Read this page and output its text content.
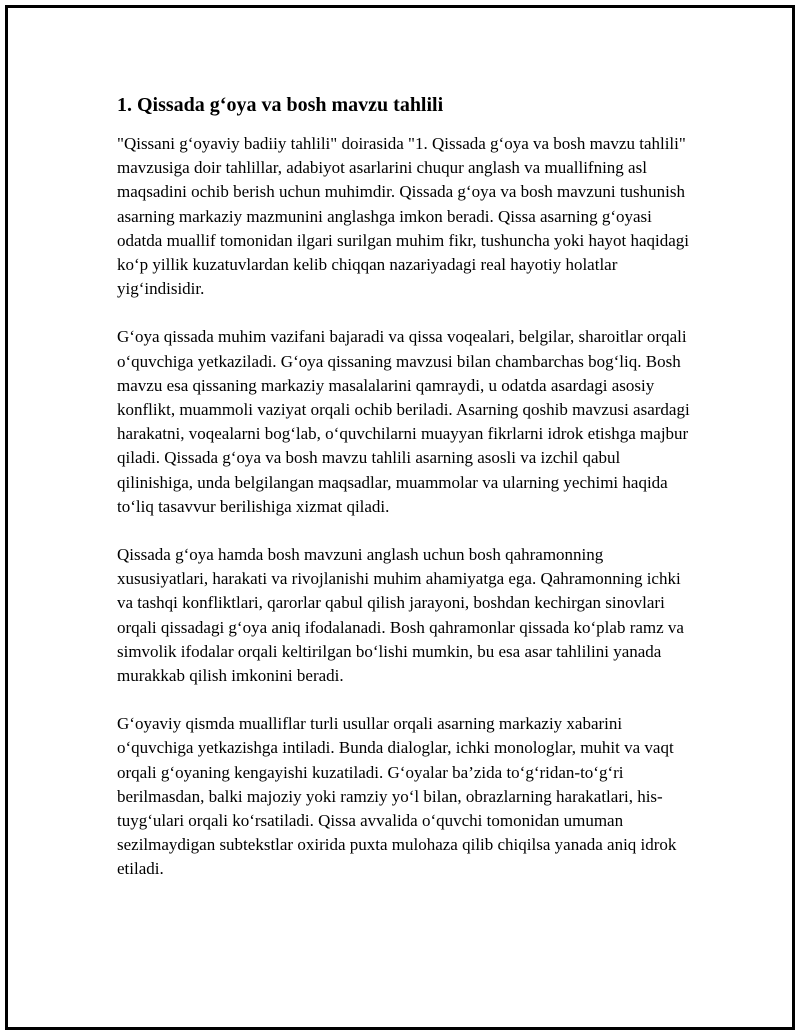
1. Qissada g‘oya va bosh mavzu tahlili

"Qissani g‘oyaviy badiiy tahlili" doirasida "1. Qissada g‘oya va bosh mavzu tahlili" mavzusiga doir tahlillar, adabiyot asarlarini chuqur anglash va muallifning asl maqsadini ochib berish uchun muhimdir. Qissada g‘oya va bosh mavzuni tushunish asarning markaziy mazmunini anglashga imkon beradi. Qissa asarning g‘oyasi odatda muallif tomonidan ilgari surilgan muhim fikr, tushuncha yoki hayot haqidagi ko‘p yillik kuzatuvlardan kelib chiqqan nazariyadagi real hayotiy holatlar yig‘indisidir.

G‘oya qissada muhim vazifani bajaradi va qissa voqealari, belgilar, sharoitlar orqali o‘quvchiga yetkaziladi. G‘oya qissaning mavzusi bilan chambarchas bog‘liq. Bosh mavzu esa qissaning markaziy masalalarini qamraydi, u odatda asardagi asosiy konflikt, muammoli vaziyat orqali ochib beriladi. Asarning qoshib mavzusi asardagi harakatni, voqealarni bog‘lab, o‘quvchilarni muayyan fikrlarni idrok etishga majbur qiladi. Qissada g‘oya va bosh mavzu tahlili asarning asosli va izchil qabul qilinishiga, unda belgilangan maqsadlar, muammolar va ularning yechimi haqida to‘liq tasavvur berilishiga xizmat qiladi.

Qissada g‘oya hamda bosh mavzuni anglash uchun bosh qahramonning xususiyatlari, harakati va rivojlanishi muhim ahamiyatga ega. Qahramonning ichki va tashqi konfliktlari, qarorlar qabul qilish jarayoni, boshdan kechirgan sinovlari orqali qissadagi g‘oya aniq ifodalanadi. Bosh qahramonlar qissada ko‘plab ramz va simvolik ifodalar orqali keltirilgan bo‘lishi mumkin, bu esa asar tahlilini yanada murakkab qilish imkonini beradi.

G‘oyaviy qismda mualliflar turli usullar orqali asarning markaziy xabarini o‘quvchiga yetkazishga intiladi. Bunda dialoglar, ichki monologlar, muhit va vaqt orqali g‘oyaning kengayishi kuzatiladi. G‘oyalar ba’zida to‘g‘ridan-to‘g‘ri berilmasdan, balki majoziy yoki ramziy yo‘l bilan, obrazlarning harakatlari, his-tuyg‘ulari orqali ko‘rsatiladi. Qissa avvalida o‘quvchi tomonidan umuman sezilmaydigan subtekstlar oxirida puxta mulohaza qilib chiqilsa yanada aniq idrok etiladi.
